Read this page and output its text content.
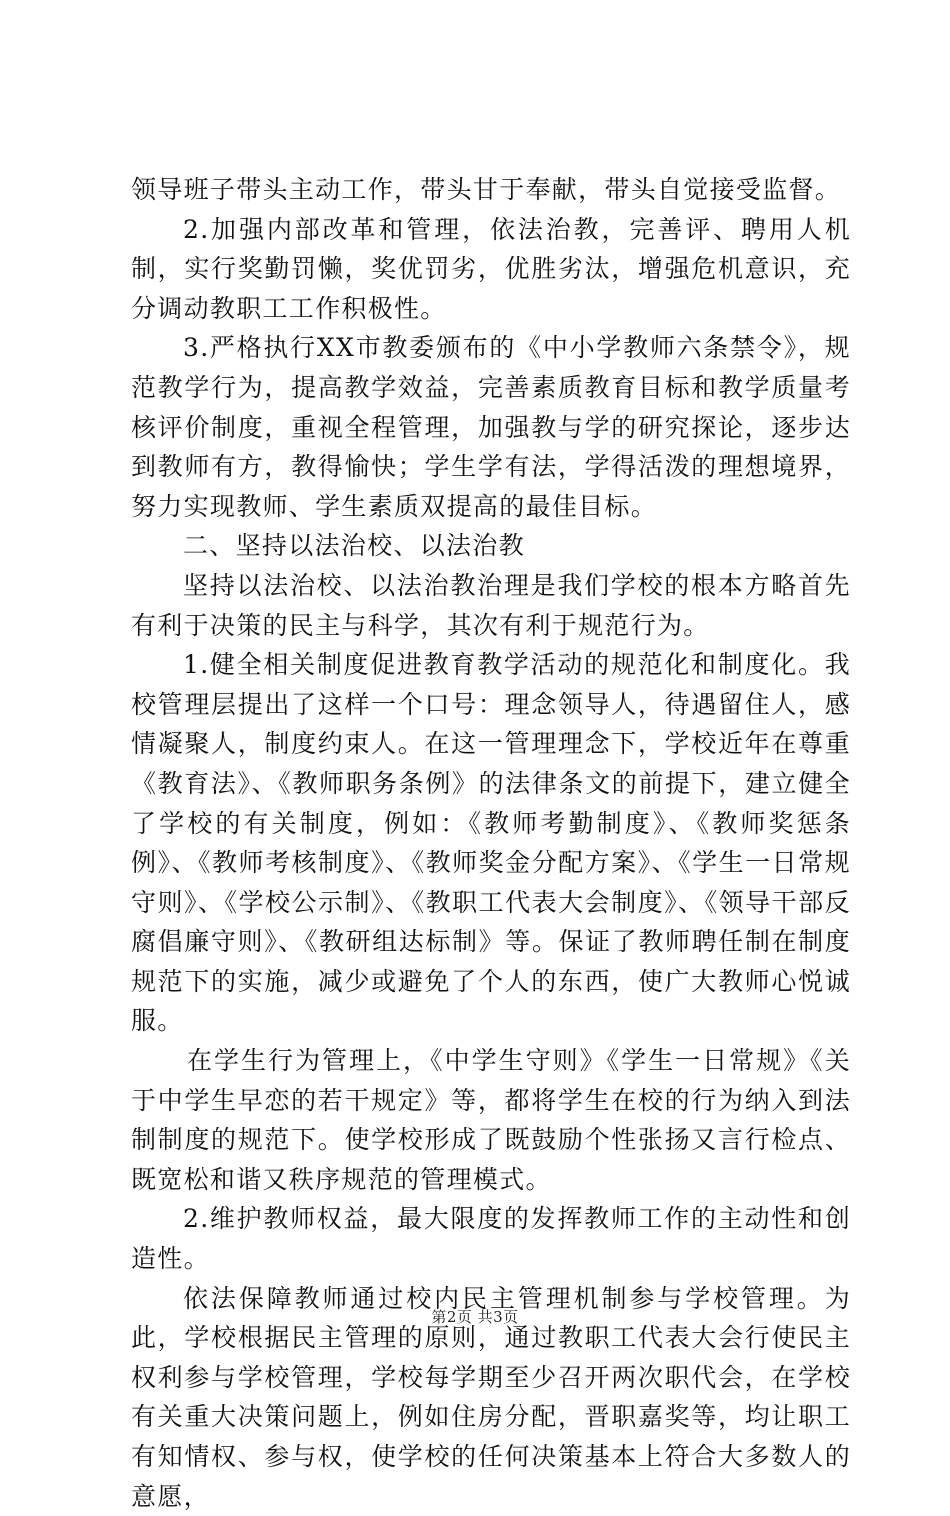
领导班子带头主动工作，带头甘于奉献，带头自觉接受监督。

2.加强内部改革和管理，依法治教，完善评、聘用人机制，实行奖勤罚懒，奖优罚劣，优胜劣汰，增强危机意识，充分调动教职工工作积极性。

3.严格执行XX市教委颁布的《中小学教师六条禁令》，规范教学行为，提高教学效益，完善素质教育目标和教学质量考核评价制度，重视全程管理，加强教与学的研究探论，逐步达到教师有方，教得愉快；学生学有法，学得活泼的理想境界，努力实现教师、学生素质双提高的最佳目标。

二、坚持以法治校、以法治教

坚持以法治校、以法治教治理是我们学校的根本方略首先有利于决策的民主与科学，其次有利于规范行为。

1.健全相关制度促进教育教学活动的规范化和制度化。我校管理层提出了这样一个口号：理念领导人，待遇留住人，感情凝聚人，制度约束人。在这一管理理念下，学校近年在尊重《教育法》、《教师职务条例》的法律条文的前提下，建立健全了学校的有关制度，例如：《教师考勤制度》、《教师奖惩条例》、《教师考核制度》、《教师奖金分配方案》、《学生一日常规守则》、《学校公示制》、《教职工代表大会制度》、《领导干部反腐倡廉守则》、《教研组达标制》等。保证了教师聘任制在制度规范下的实施，减少或避免了个人的东西，使广大教师心悦诚服。

在学生行为管理上，《中学生守则》《学生一日常规》《关于中学生早恋的若干规定》等，都将学生在校的行为纳入到法制制度的规范下。使学校形成了既鼓励个性张扬又言行检点、既宽松和谐又秩序规范的管理模式。

2.维护教师权益，最大限度的发挥教师工作的主动性和创造性。

依法保障教师通过校内民主管理机制参与学校管理。为此，学校根据民主管理的原则，通过教职工代表大会行使民主权利参与学校管理，学校每学期至少召开两次职代会，在学校有关重大决策问题上，例如住房分配，晋职嘉奖等，均让职工有知情权、参与权，使学校的任何决策基本上符合大多数人的意愿，

第2页 共3页
